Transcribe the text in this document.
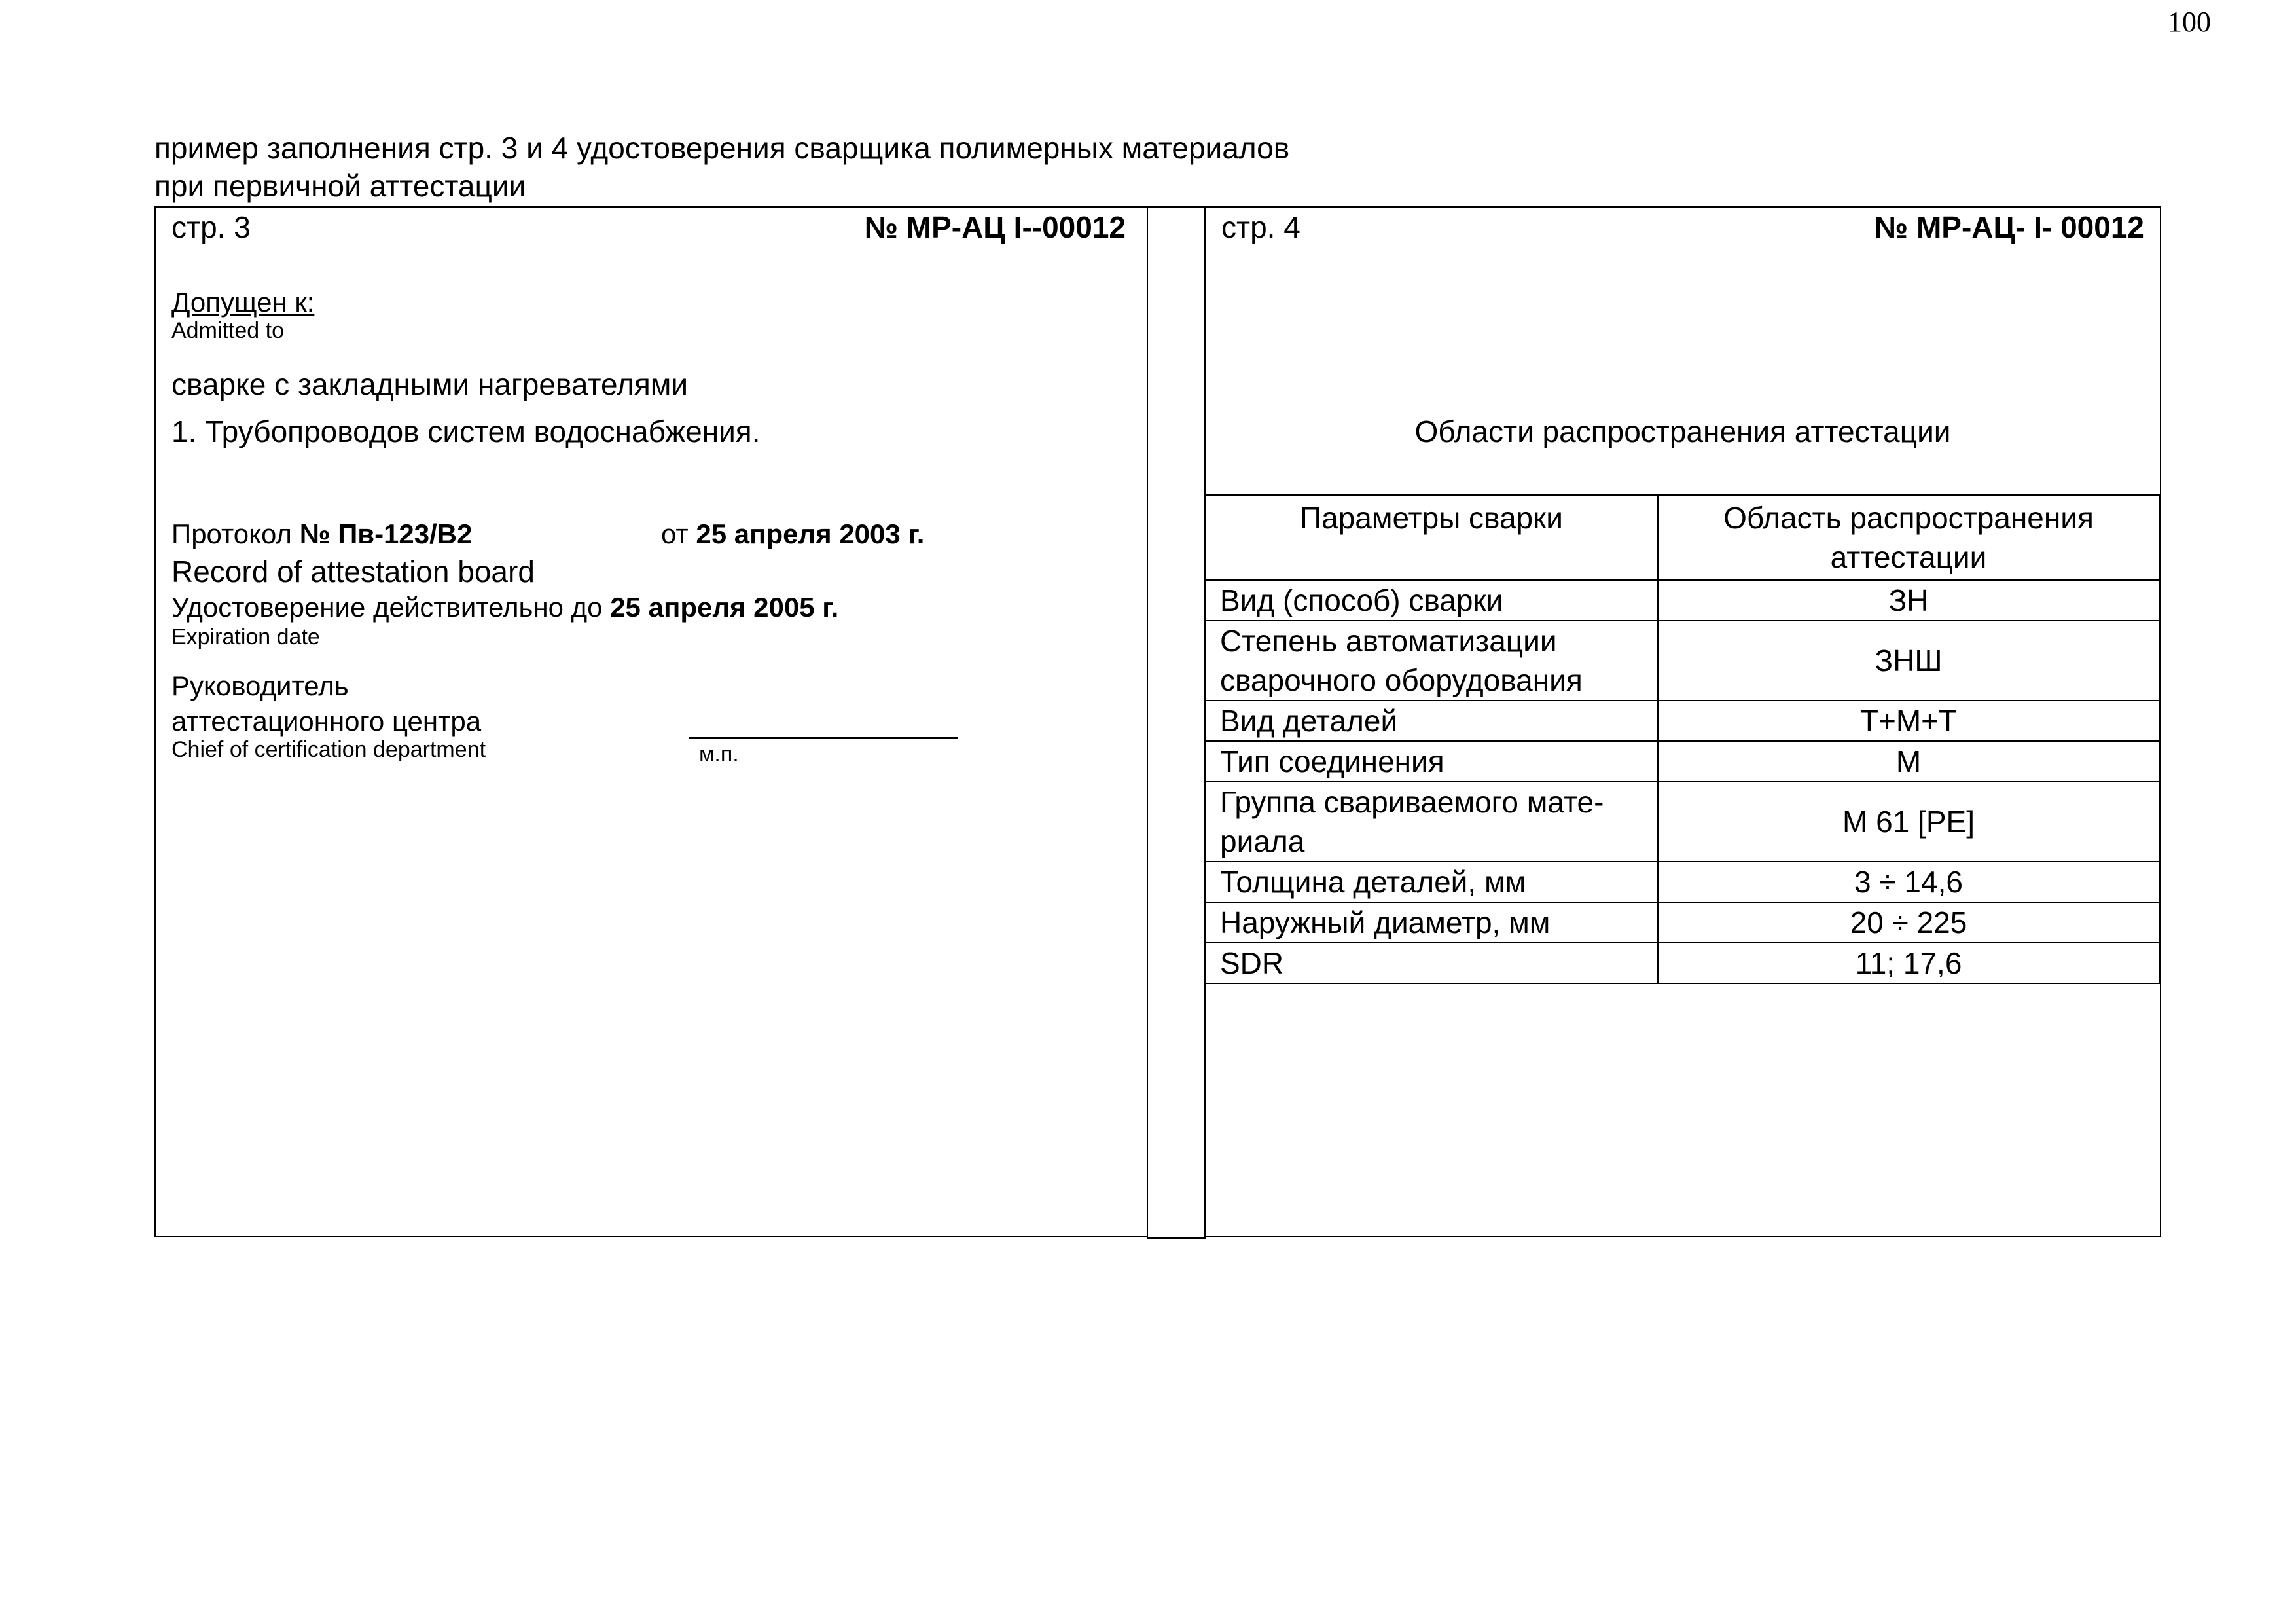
100
пример заполнения стр. 3 и 4 удостоверения сварщика полимерных материалов
при первичной аттестации
стр. 3	№ МР-АЦ I--00012
Допущен к:
Admitted to
сварке с закладными нагревателями
1. Трубопроводов систем водоснабжения.
Протокол № Пв-123/В2	от 25 апреля 2003 г.
Record of attestation board
Удостоверение действительно до 25 апреля 2005 г.
Expiration date
Руководитель
аттестационного центра
Chief of certification department	м.п.
стр. 4	№ МР-АЦ- I- 00012
Области распространения аттестации
Параметры сварки	Область распространения аттестации
Вид (способ) сварки	ЗН
Степень автоматизации сварочного оборудования	ЗНШ
Вид деталей	Т+М+Т
Тип соединения	М
Группа свариваемого мате-риала	М 61 [PE]
Толщина деталей, мм	3 ÷ 14,6
Наружный диаметр, мм	20 ÷ 225
SDR	11; 17,6
